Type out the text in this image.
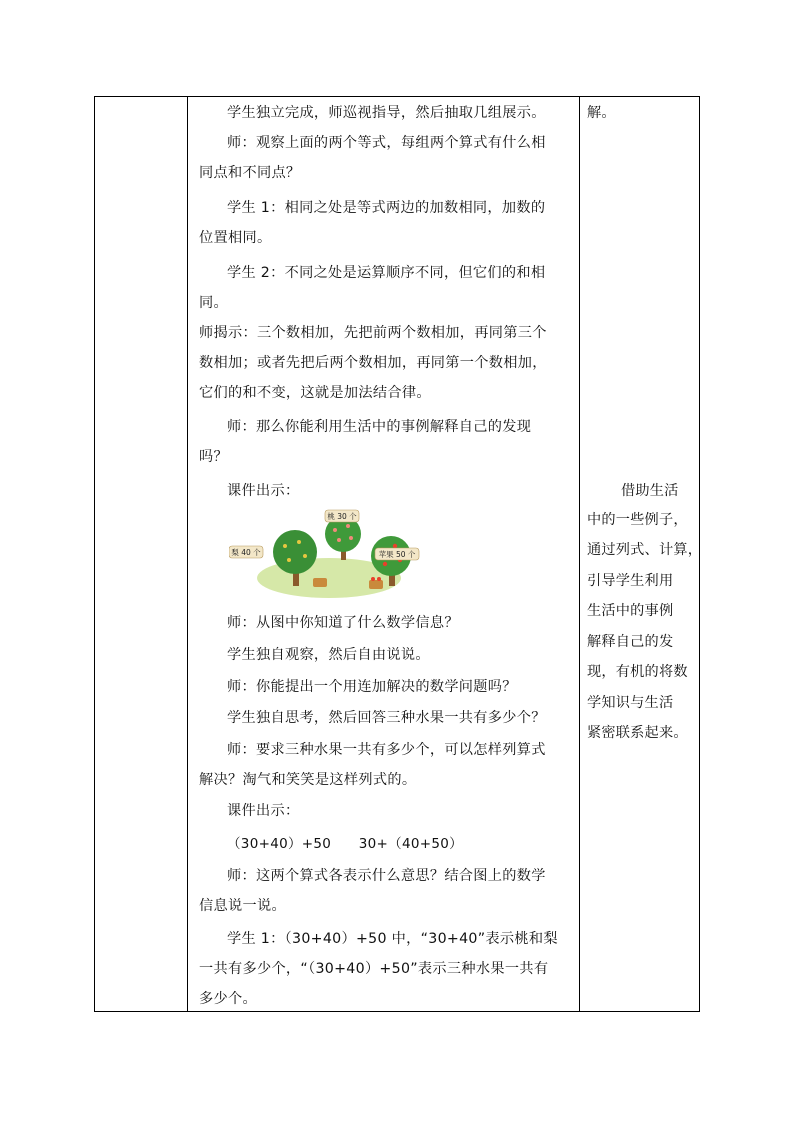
学生独立完成，师巡视指导，然后抽取几组展示。
师：观察上面的两个等式，每组两个算式有什么相
同点和不同点？
学生 1：相同之处是等式两边的加数相同，加数的
位置相同。
学生 2：不同之处是运算顺序不同，但它们的和相
同。
师揭示：三个数相加，先把前两个数相加，再同第三个
数相加；或者先把后两个数相加，再同第一个数相加，
它们的和不变，这就是加法结合律。
师：那么你能利用生活中的事例解释自己的发现
吗？
课件出示：
师：从图中你知道了什么数学信息？
学生独自观察，然后自由说说。
师：你能提出一个用连加解决的数学问题吗？
学生独自思考，然后回答三种水果一共有多少个？
师：要求三种水果一共有多少个，可以怎样列算式
解决？淘气和笑笑是这样列式的。
课件出示：
（30+40）+50　　30+（40+50）
师：这两个算式各表示什么意思？结合图上的数学
信息说一说。
学生 1：（30+40）+50 中，“30+40”表示桃和梨
一共有多少个，“（30+40）+50”表示三种水果一共有
多少个。
解。
借助生活
中的一些例子，
通过列式、计算，
引导学生利用
生活中的事例
解释自己的发
现，有机的将数
学知识与生活
紧密联系起来。
桃 30 个
梨 40 个	苹果 50 个
